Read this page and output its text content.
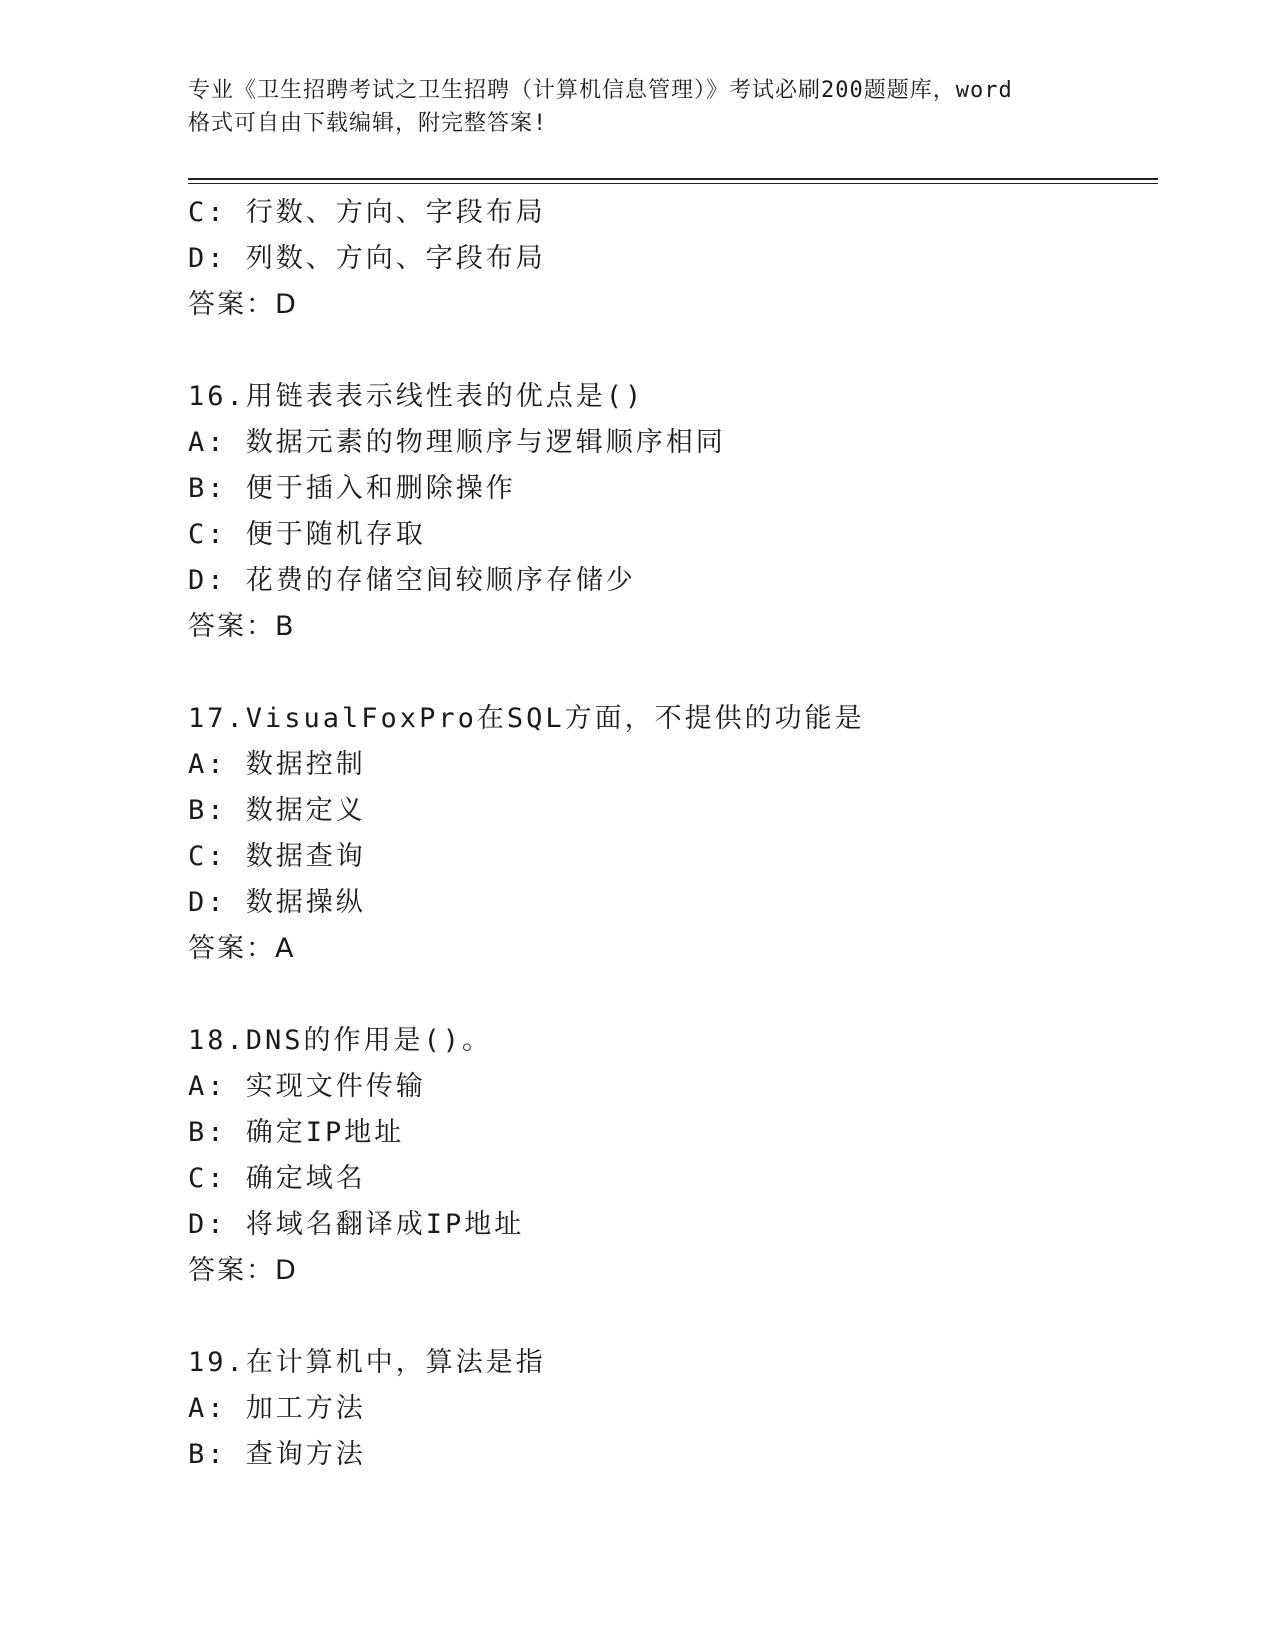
专业《卫生招聘考试之卫生招聘（计算机信息管理）》考试必刷200题题库，word
格式可自由下载编辑，附完整答案!
C: 行数、方向、字段布局
D: 列数、方向、字段布局
答案：D
16.用链表表示线性表的优点是()
A: 数据元素的物理顺序与逻辑顺序相同
B: 便于插入和删除操作
C: 便于随机存取
D: 花费的存储空间较顺序存储少
答案：B
17.VisualFoxPro在SQL方面，不提供的功能是
A: 数据控制
B: 数据定义
C: 数据查询
D: 数据操纵
答案：A
18.DNS的作用是()。
A: 实现文件传输
B: 确定IP地址
C: 确定域名
D: 将域名翻译成IP地址
答案：D
19.在计算机中，算法是指
A: 加工方法
B: 查询方法
